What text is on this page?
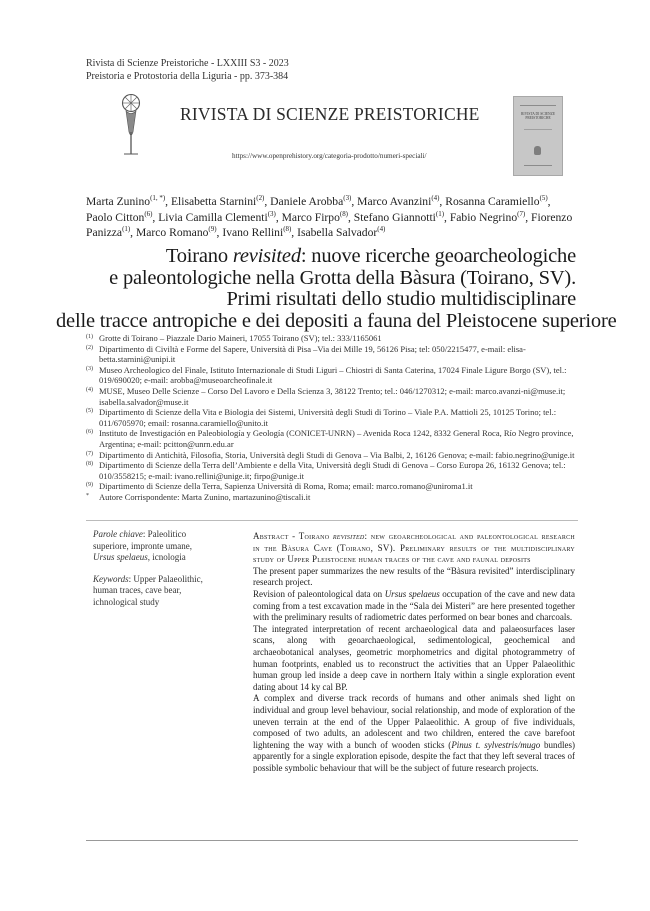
Rivista di Scienze Preistoriche - LXXIII S3 - 2023
Preistoria e Protostoria della Liguria - pp. 373-384
RIVISTA DI SCIENZE PREISTORICHE
https://www.openprehistory.org/categoria-prodotto/numeri-speciali/
RIVISTA DI SCIENZE PREISTORICHE
Marta Zunino$^{(1, *)}$, Elisabetta Starnini$^{(2)}$, Daniele Arobba$^{(3)}$, Marco Avanzini$^{(4)}$, Rosanna Caramiello$^{(5)}$, Paolo Citton$^{(6)}$, Livia Camilla Clementi$^{(3)}$, Marco Firpo$^{(8)}$, Stefano Giannotti$^{(1)}$, Fabio Negrino$^{(7)}$, Fiorenzo Panizza$^{(1)}$, Marco Romano$^{(9)}$, Ivano Rellini$^{(8)}$, Isabella Salvador$^{(4)}$
Toirano revisited: nuove ricerche geoarcheologiche
e paleontologiche nella Grotta della Bàsura (Toirano, SV).
Primi risultati dello studio multidisciplinare
delle tracce antropiche e dei depositi a fauna del Pleistocene superiore
(1) Grotte di Toirano – Piazzale Dario Maineri, 17055 Toirano (SV); tel.: 333/1165061
(2) Dipartimento di Civiltà e Forme del Sapere, Università di Pisa –Via dei Mille 19, 56126 Pisa; tel: 050/2215477, e-mail: elisa-betta.starnini@unipi.it
(3) Museo Archeologico del Finale, Istituto Internazionale di Studi Liguri – Chiostri di Santa Caterina, 17024 Finale Ligure Borgo (SV), tel.: 019/690020; e-mail: arobba@museoarcheofinale.it
(4) MUSE, Museo Delle Scienze – Corso Del Lavoro e Della Scienza 3, 38122 Trento; tel.: 046/1270312; e-mail: marco.avanzi-ni@muse.it; isabella.salvador@muse.it
(5) Dipartimento di Scienze della Vita e Biologia dei Sistemi, Università degli Studi di Torino – Viale P.A. Mattioli 25, 10125 Torino; tel.: 011/6705970; email: rosanna.caramiello@unito.it
(6) Instituto de Investigación en Paleobiología y Geología (CONICET-UNRN) – Avenida Roca 1242, 8332 General Roca, Río Negro province, Argentina; e-mail: pcitton@unrn.edu.ar
(7) Dipartimento di Antichità, Filosofia, Storia, Università degli Studi di Genova – Via Balbi, 2, 16126 Genova; e-mail: fabio.negrino@unige.it
(8) Dipartimento di Scienze della Terra dell’Ambiente e della Vita, Università degli Studi di Genova – Corso Europa 26, 16132 Genova; tel.: 010/3558215; e-mail: ivano.rellini@unige.it; firpo@unige.it
(9) Dipartimento di Scienze della Terra, Sapienza Università di Roma, Roma; email: marco.romano@uniroma1.it
* Autore Corrispondente: Marta Zunino, martazunino@tiscali.it

Parole chiave: Paleolitico superiore, impronte umane, Ursus spelaeus, icnologia

Keywords: Upper Palaeolithic, human traces, cave bear, ichnological study

Abstract - Toirano revisited: new geoarcheological and paleontological research in the Bàsura Cave (Toirano, SV). Preliminary results of the multidisciplinary study of Upper Pleistocene human traces of the cave and faunal deposits

The present paper summarizes the new results of the “Bàsura revisited” interdisciplinary research project.

Revision of paleontological data on Ursus spelaeus occupation of the cave and new data coming from a test excavation made in the “Sala dei Misteri” are here presented together with the preliminary results of radiometric dates performed on bear bones and charcoals.

The integrated interpretation of recent archaeological data and palaeosurfaces laser scans, along with geoarchaeological, sedimentological, geochemical and archaeobotanical analyses, geometric morphometrics and digital photogrammetry of human footprints, enabled us to reconstruct the activities that an Upper Palaeolithic human group led inside a deep cave in northern Italy within a single exploration event dating about 14 ky cal BP.

A complex and diverse track records of humans and other animals shed light on individual and group level behaviour, social relationship, and mode of exploration of the uneven terrain at the end of the Upper Palaeolithic. A group of five individuals, composed of two adults, an adolescent and two children, entered the cave barefoot lightening the way with a bunch of wooden sticks (Pinus t. sylvestris/mugo bundles) apparently for a single exploration episode, despite the fact that they left several traces of possible symbolic behaviour that will be the subject of future research projects.
